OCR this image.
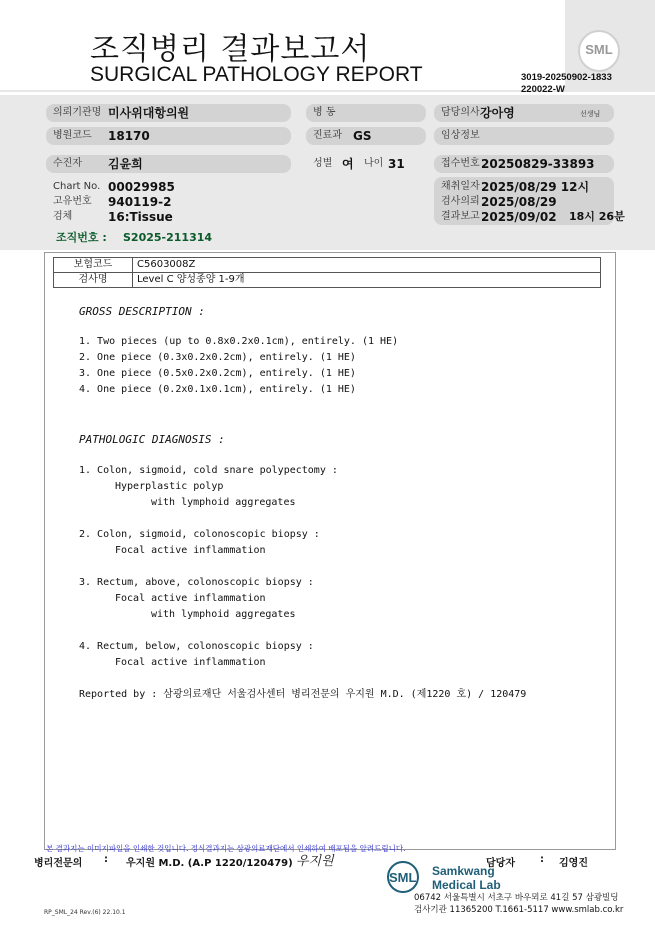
조직병리 결과보고서
SURGICAL PATHOLOGY REPORT
SML
3019-20250902-1833
220022-W
의뢰기관명 미사위대항의원	병 동	담당의사 강아영	선생님
병원코드 18170	진료과 GS	임상정보
수진자 김윤희	성별 여 나이 31	접수번호 20250829-33893
Chart No. 00029985
고유번호 940119-2
검체	16:Tissue
채취일자 2025/08/29 12시
검사의뢰 2025/08/29
결과보고 2025/09/02 18시 26분
조직번호 : S2025-211314
보험코드	C5603008Z
검사명	Level C 양성종양 1-9개
GROSS DESCRIPTION :
1. Two pieces (up to 0.8x0.2x0.1cm), entirely. (1 HE)
2. One piece (0.3x0.2x0.2cm), entirely. (1 HE)
3. One piece (0.5x0.2x0.2cm), entirely. (1 HE)
4. One piece (0.2x0.1x0.1cm), entirely. (1 HE)
PATHOLOGIC DIAGNOSIS :
1. Colon, sigmoid, cold snare polypectomy :
Hyperplastic polyp
with lymphoid aggregates
2. Colon, sigmoid, colonoscopic biopsy :
Focal active inflammation
3. Rectum, above, colonoscopic biopsy :
Focal active inflammation
with lymphoid aggregates
4. Rectum, below, colonoscopic biopsy :
Focal active inflammation
Reported by : 삼광의료재단 서울검사센터 병리전문의 우지원 M.D. (제1220 호) / 120479
본 결과지는 이미지파일을 인쇄한 것입니다. 정식결과지는 삼광의료재단에서 인쇄하여 배포됨을 알려드립니다.
병리전문의 : 우지원 M.D. (A.P 1220/120479) 우지원	담당자	: 김영진
SML Samkwang
Medical Lab
06742 서울특별시 서초구 바우뫼로 41길 57 삼광빌딩
검사기관 11365200 T.1661-5117 www.smlab.co.kr
RP_SML_24 Rev.(6) 22.10.1
